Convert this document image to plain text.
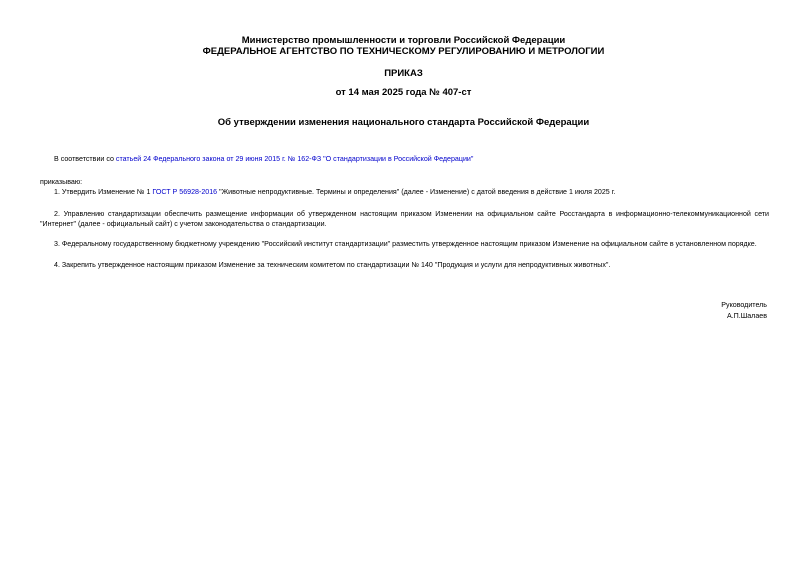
Министерство промышленности и торговли Российской Федерации
ФЕДЕРАЛЬНОЕ АГЕНТСТВО ПО ТЕХНИЧЕСКОМУ РЕГУЛИРОВАНИЮ И МЕТРОЛОГИИ
ПРИКАЗ
от 14 мая 2025 года № 407-ст
Об утверждении изменения национального стандарта Российской Федерации
В соответствии со статьей 24 Федерального закона от 29 июня 2015 г. № 162-ФЗ "О стандартизации в Российской Федерации"
приказываю:
1. Утвердить Изменение № 1 ГОСТ Р 56928-2016 "Животные непродуктивные. Термины и определения" (далее - Изменение) с датой введения в действие 1 июля 2025 г.
2. Управлению стандартизации обеспечить размещение информации об утвержденном настоящим приказом Изменении на официальном сайте Росстандарта в информационно-телекоммуникационной сети "Интернет" (далее - официальный сайт) с учетом законодательства о стандартизации.
3. Федеральному государственному бюджетному учреждению "Российский институт стандартизации" разместить утвержденное настоящим приказом Изменение на официальном сайте в установленном порядке.
4. Закрепить утвержденное настоящим приказом Изменение за техническим комитетом по стандартизации № 140 "Продукция и услуги для непродуктивных животных".
Руководитель
А.П.Шалаев
